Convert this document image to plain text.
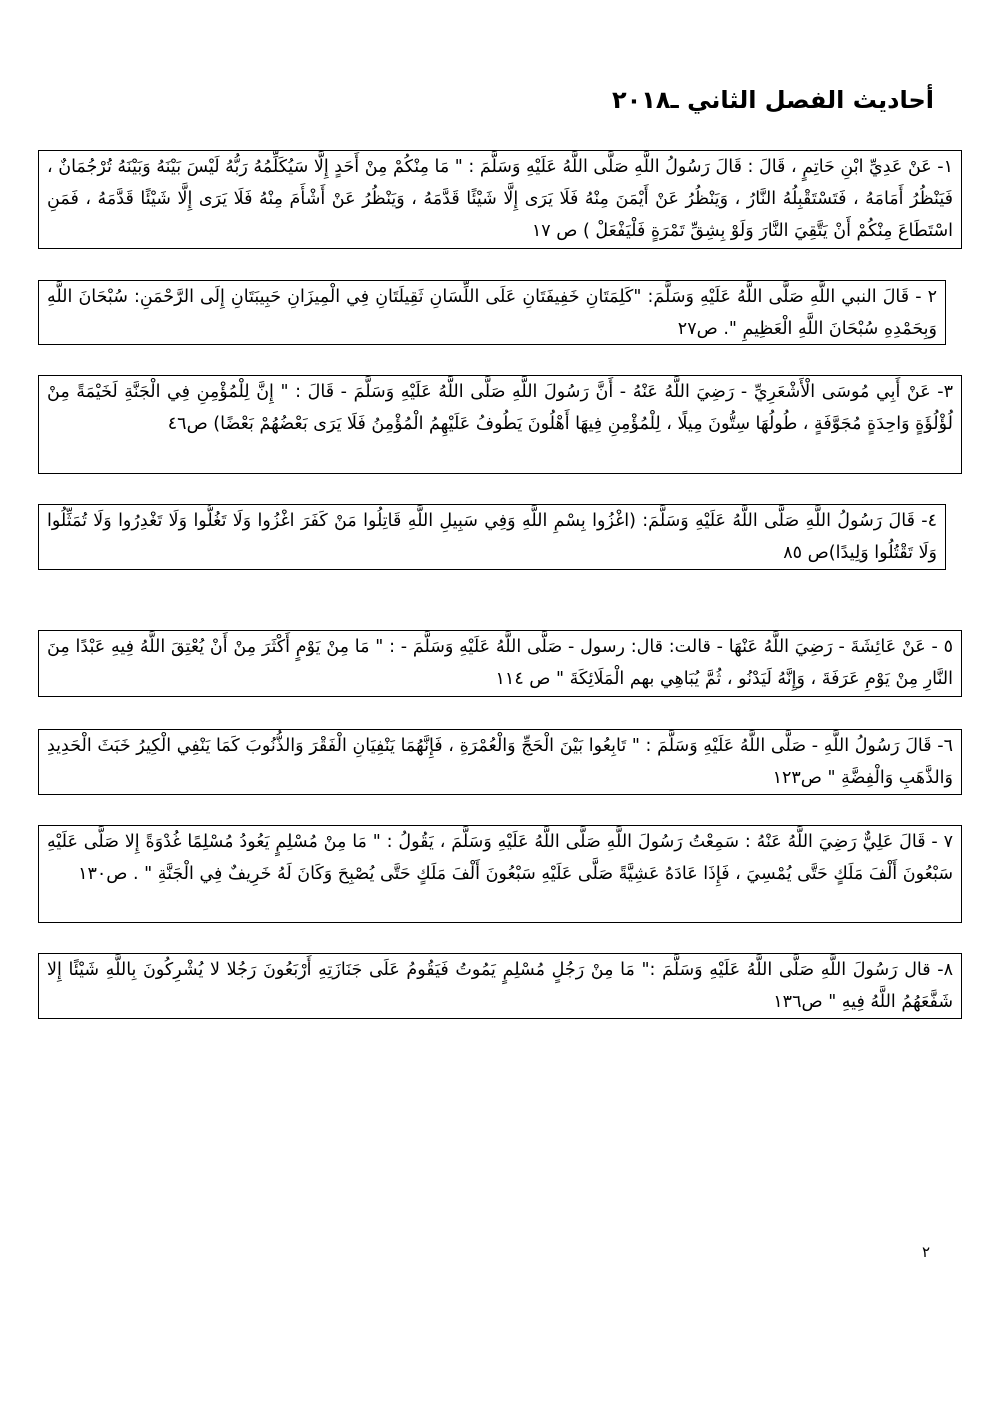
أحاديث الفصل الثاني ـ٢٠١٨

١- عَنْ عَدِيِّ ابْنِ حَاتِمٍ ، قَالَ : قَالَ رَسُولُ اللَّهِ صَلَّى اللَّهُ عَلَيْهِ وَسَلَّمَ : " مَا مِنْكُمْ مِنْ أَحَدٍ إِلَّا سَيُكَلِّمُهُ رَبُّهُ لَيْسَ بَيْنَهُ وَبَيْنَهُ تُرْجُمَانٌ ، فَيَنْظُرُ أَمَامَهُ ، فَتَسْتَقْبِلُهُ النَّارُ ، وَيَنْظُرُ عَنْ أَيْمَنَ مِنْهُ فَلَا يَرَى إِلَّا شَيْئًا قَدَّمَهُ ، وَيَنْظُرُ عَنْ أَشْأَمَ مِنْهُ فَلَا يَرَى إِلَّا شَيْئًا قَدَّمَهُ ، فَمَنِ اسْتَطَاعَ مِنْكُمْ أَنْ يَتَّقِيَ النَّارَ وَلَوْ بِشِقِّ تَمْرَةٍ فَلْيَفْعَلْ ) ص ١٧

٢ - قَالَ النبي اللَّهِ صَلَّى اللَّهُ عَلَيْهِ وَسَلَّمَ: "كَلِمَتَانِ خَفِيفَتَانِ عَلَى اللِّسَانِ ثَقِيلَتَانِ فِي الْمِيزَانِ حَبِيبَتَانِ إِلَى الرَّحْمَنِ: سُبْحَانَ اللَّهِ وَبِحَمْدِهِ سُبْحَانَ اللَّهِ الْعَظِيمِ ". ص٢٧

٣- عَنْ أَبِي مُوسَى الْأَشْعَرِيِّ - رَضِيَ اللَّهُ عَنْهُ - أَنَّ رَسُولَ اللَّهِ صَلَّى اللَّهُ عَلَيْهِ وَسَلَّمَ - قَالَ : " إِنَّ لِلْمُؤْمِنِ فِي الْجَنَّةِ لَخَيْمَةً مِنْ لُؤْلُؤَةٍ وَاحِدَةٍ مُجَوَّفَةٍ ، طُولُهَا سِتُّونَ مِيلًا ، لِلْمُؤْمِنِ فِيهَا أَهْلُونَ يَطُوفُ عَلَيْهِمُ الْمُؤْمِنُ فَلَا يَرَى بَعْضُهُمْ بَعْضًا) ص٤٦

٤- قَالَ رَسُولُ اللَّهِ صَلَّى اللَّهُ عَلَيْهِ وَسَلَّمَ: (اغْزُوا بِسْمِ اللَّهِ وَفِي سَبِيلِ اللَّهِ قَاتِلُوا مَنْ كَفَرَ اغْزُوا وَلَا تَغُلُّوا وَلَا تَغْدِرُوا وَلَا تُمَثِّلُوا وَلَا تَقْتُلُوا وَلِيدًا)ص ٨٥

٥ - عَنْ عَائِشَةَ - رَضِيَ اللَّهُ عَنْهَا - قالت: قال: رسول - صَلَّى اللَّهُ عَلَيْهِ وَسَلَّمَ - : " مَا مِنْ يَوْمٍ أَكْثَرَ مِنْ أَنْ يُعْتِقَ اللَّهُ فِيهِ عَبْدًا مِنَ النَّارِ مِنْ يَوْمِ عَرَفَةَ ، وَإِنَّهُ لَيَدْنُو ، ثُمَّ يُبَاهِي بهم الْمَلَائِكَةَ " ص ١١٤

٦- قَالَ رَسُولُ اللَّهِ - صَلَّى اللَّهُ عَلَيْهِ وَسَلَّمَ : " تَابِعُوا بَيْنَ الْحَجِّ وَالْعُمْرَةِ ، فَإِنَّهُمَا يَنْفِيَانِ الْفَقْرَ وَالذُّنُوبَ كَمَا يَنْفِي الْكِيرُ خَبَثَ الْحَدِيدِ وَالذَّهَبِ وَالْفِضَّةِ " ص١٢٣

٧ - قَالَ عَلِيٌّ رَضِيَ اللَّهُ عَنْهُ : سَمِعْتُ رَسُولَ اللَّهِ صَلَّى اللَّهُ عَلَيْهِ وَسَلَّمَ ، يَقُولُ : " مَا مِنْ مُسْلِمٍ يَعُودُ مُسْلِمًا غُدْوَةً إِلا صَلَّى عَلَيْهِ سَبْعُونَ أَلْفَ مَلَكٍ حَتَّى يُمْسِيَ ، فَإِذَا عَادَهُ عَشِيَّةً صَلَّى عَلَيْهِ سَبْعُونَ أَلْفَ مَلَكٍ حَتَّى يُصْبِحَ وَكَانَ لَهُ خَرِيفٌ فِي الْجَنَّةِ " . ص١٣٠

٨- قال رَسُولَ اللَّهِ صَلَّى اللَّهُ عَلَيْهِ وَسَلَّمَ :" مَا مِنْ رَجُلٍ مُسْلِمٍ يَمُوتُ فَيَقُومُ عَلَى جَنَازَتِهِ أَرْبَعُونَ رَجُلا لا يُشْرِكُونَ بِاللَّهِ شَيْئًا إِلا شَفَّعَهُمُ اللَّهُ فِيهِ " ص١٣٦

٢
